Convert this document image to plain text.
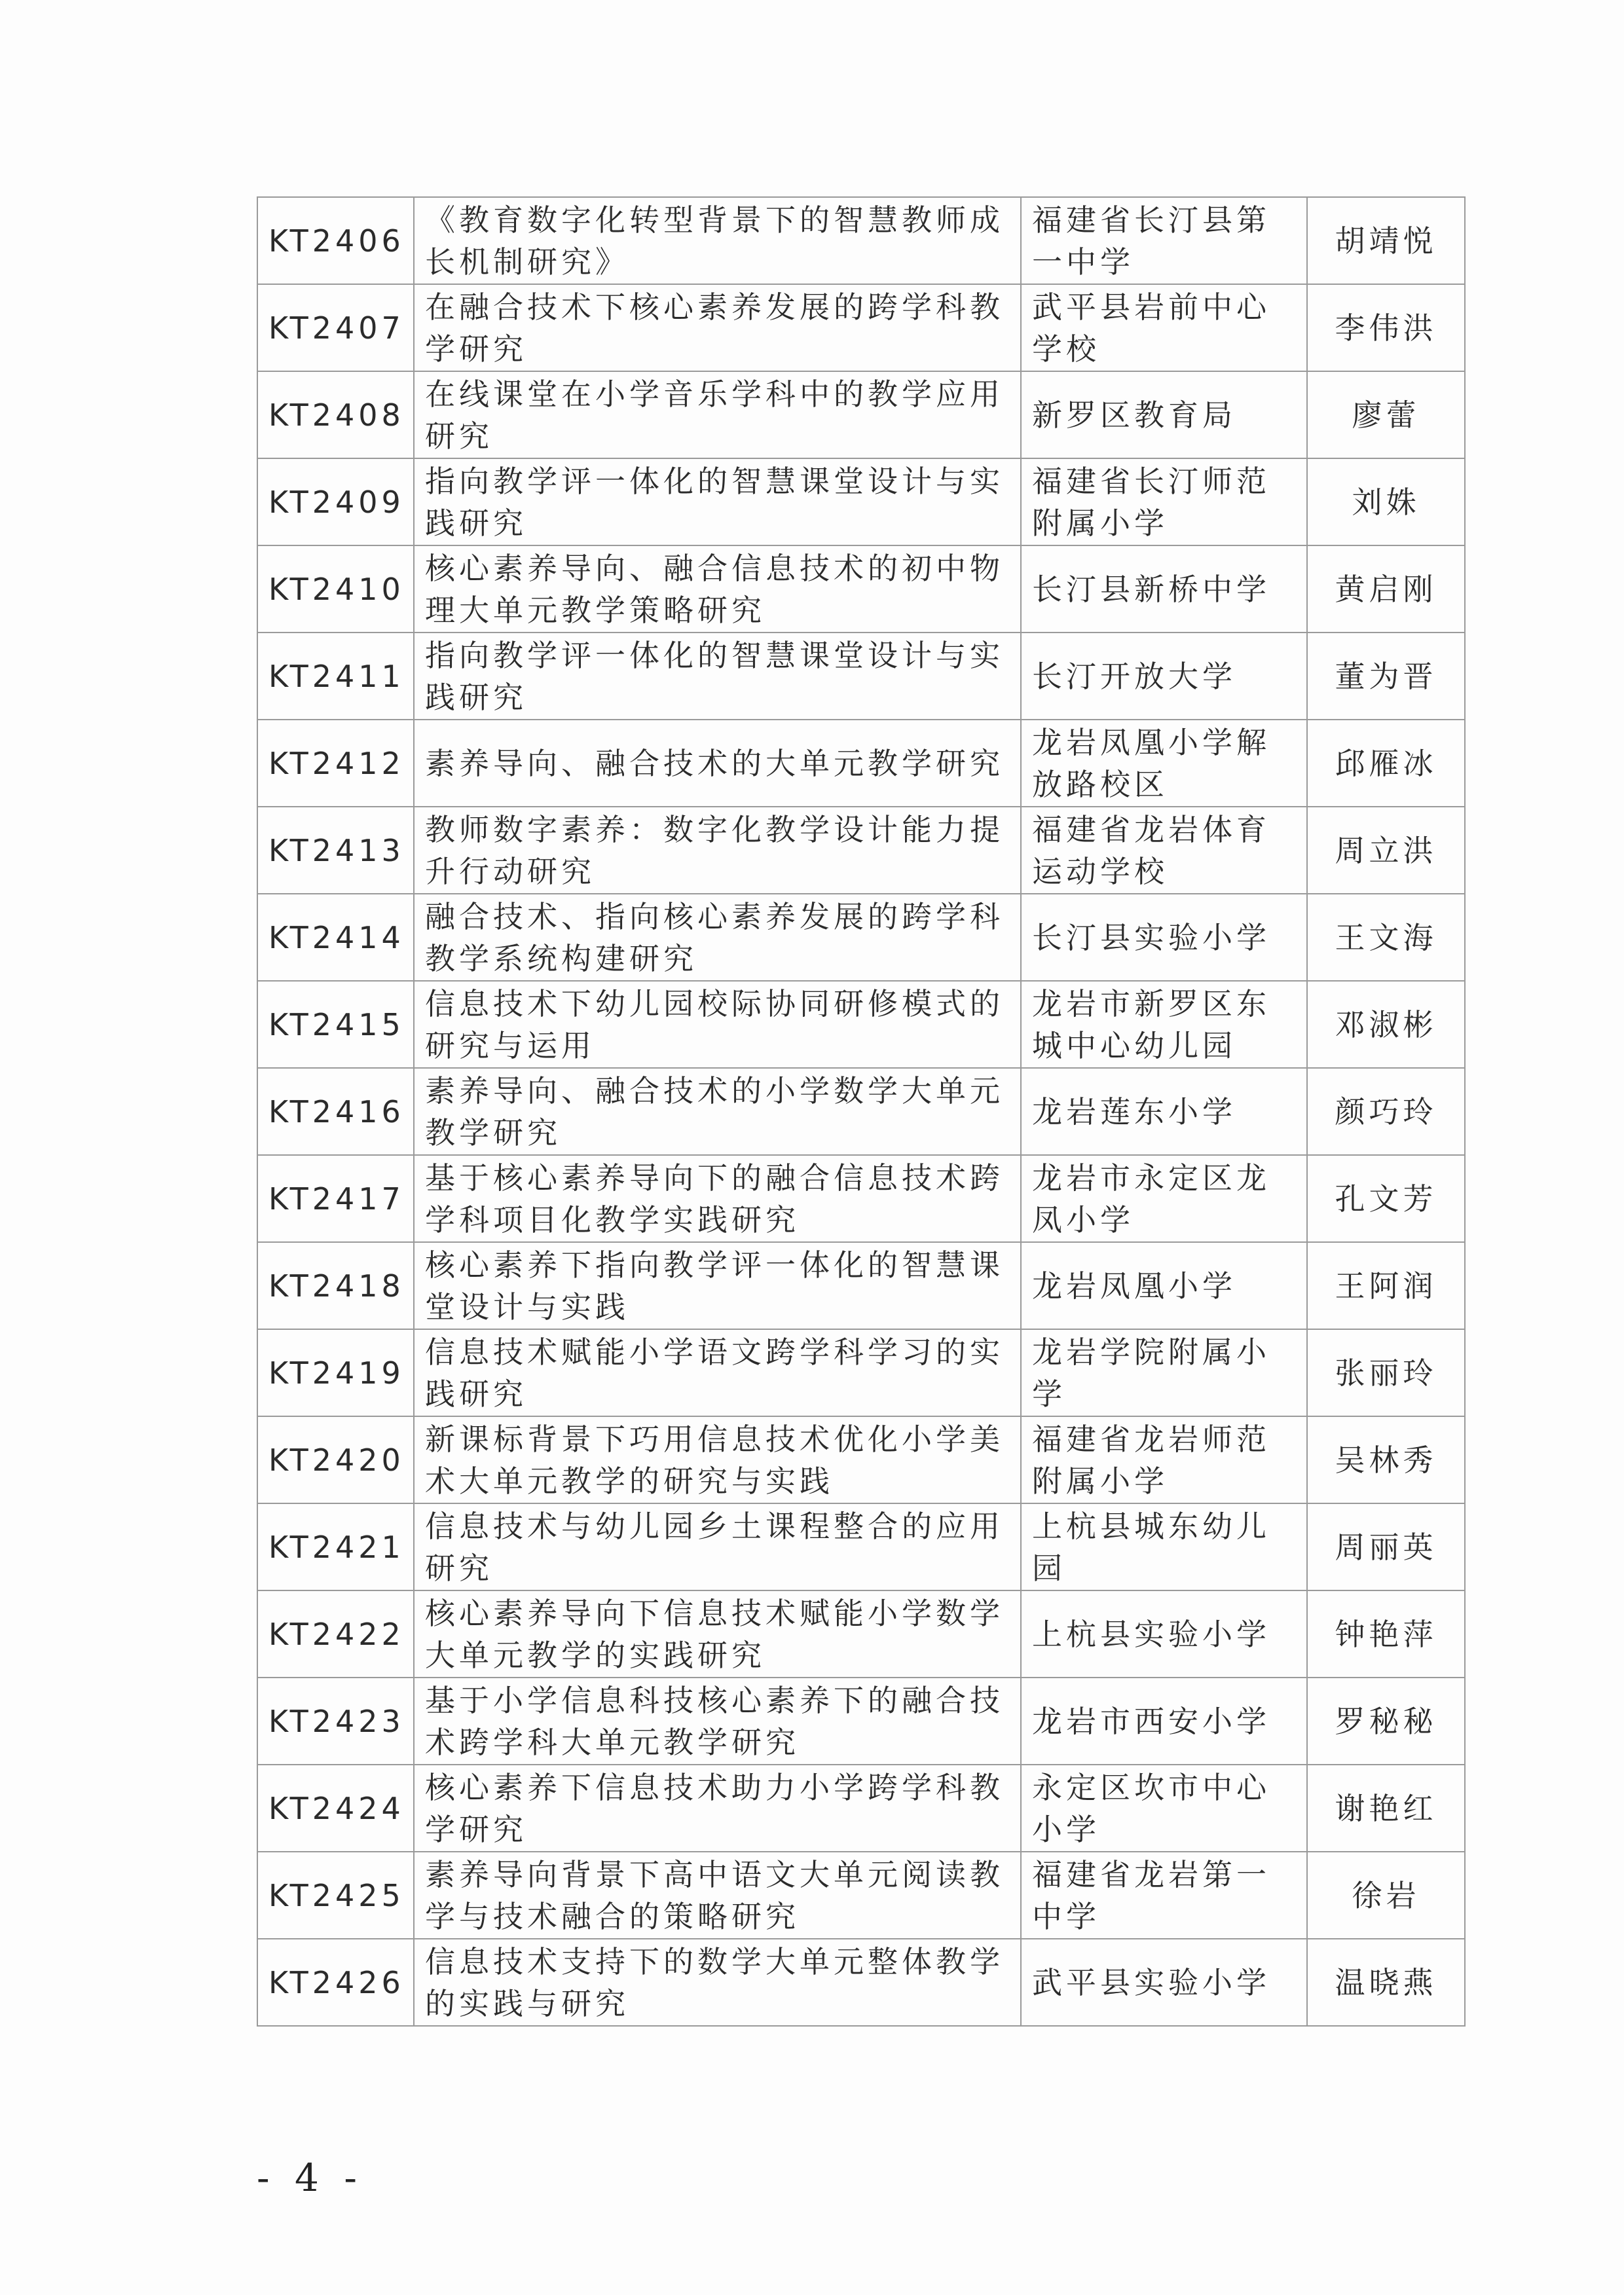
KT2406	《教育数字化转型背景下的智慧教师成长机制研究》	福建省长汀县第一中学	胡靖悦
KT2407	在融合技术下核心素养发展的跨学科教学研究	武平县岩前中心学校	李伟洪
KT2408	在线课堂在小学音乐学科中的教学应用研究	新罗区教育局	廖蕾
KT2409	指向教学评一体化的智慧课堂设计与实践研究	福建省长汀师范附属小学	刘姝
KT2410	核心素养导向、融合信息技术的初中物理大单元教学策略研究	长汀县新桥中学	黄启刚
KT2411	指向教学评一体化的智慧课堂设计与实践研究	长汀开放大学	董为晋
KT2412	素养导向、融合技术的大单元教学研究	龙岩凤凰小学解放路校区	邱雁冰
KT2413	教师数字素养：数字化教学设计能力提升行动研究	福建省龙岩体育运动学校	周立洪
KT2414	融合技术、指向核心素养发展的跨学科教学系统构建研究	长汀县实验小学	王文海
KT2415	信息技术下幼儿园校际协同研修模式的研究与运用	龙岩市新罗区东城中心幼儿园	邓淑彬
KT2416	素养导向、融合技术的小学数学大单元教学研究	龙岩莲东小学	颜巧玲
KT2417	基于核心素养导向下的融合信息技术跨学科项目化教学实践研究	龙岩市永定区龙凤小学	孔文芳
KT2418	核心素养下指向教学评一体化的智慧课堂设计与实践	龙岩凤凰小学	王阿润
KT2419	信息技术赋能小学语文跨学科学习的实践研究	龙岩学院附属小学	张丽玲
KT2420	新课标背景下巧用信息技术优化小学美术大单元教学的研究与实践	福建省龙岩师范附属小学	吴林秀
KT2421	信息技术与幼儿园乡土课程整合的应用研究	上杭县城东幼儿园	周丽英
KT2422	核心素养导向下信息技术赋能小学数学大单元教学的实践研究	上杭县实验小学	钟艳萍
KT2423	基于小学信息科技核心素养下的融合技术跨学科大单元教学研究	龙岩市西安小学	罗秘秘
KT2424	核心素养下信息技术助力小学跨学科教学研究	永定区坎市中心小学	谢艳红
KT2425	素养导向背景下高中语文大单元阅读教学与技术融合的策略研究	福建省龙岩第一中学	徐岩
KT2426	信息技术支持下的数学大单元整体教学的实践与研究	武平县实验小学	温晓燕
- 4 -
